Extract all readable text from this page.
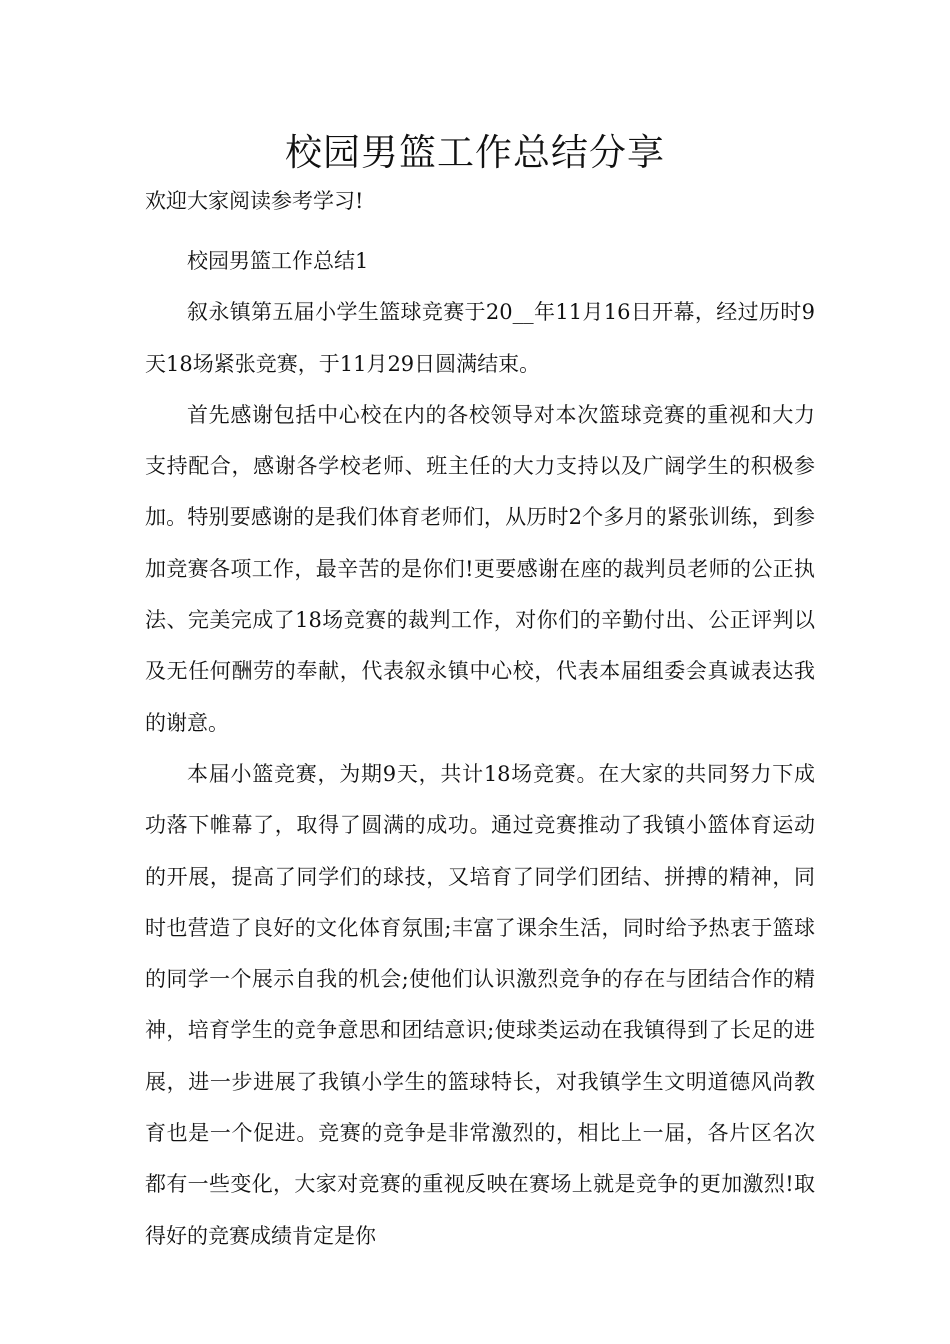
校园男篮工作总结分享

欢迎大家阅读参考学习!

校园男篮工作总结1

叙永镇第五届小学生篮球竞赛于20__年11月16日开幕，经过历时9天18场紧张竞赛，于11月29日圆满结束。

首先感谢包括中心校在内的各校领导对本次篮球竞赛的重视和大力支持配合，感谢各学校老师、班主任的大力支持以及广阔学生的积极参加。特别要感谢的是我们体育老师们，从历时2个多月的紧张训练，到参加竞赛各项工作，最辛苦的是你们!更要感谢在座的裁判员老师的公正执法、完美完成了18场竞赛的裁判工作，对你们的辛勤付出、公正评判以及无任何酬劳的奉献，代表叙永镇中心校，代表本届组委会真诚表达我的谢意。

本届小篮竞赛，为期9天，共计18场竞赛。在大家的共同努力下成功落下帷幕了，取得了圆满的成功。通过竞赛推动了我镇小篮体育运动的开展，提高了同学们的球技，又培育了同学们团结、拼搏的精神，同时也营造了良好的文化体育氛围;丰富了课余生活，同时给予热衷于篮球的同学一个展示自我的机会;使他们认识激烈竞争的存在与团结合作的精神，培育学生的竞争意思和团结意识;使球类运动在我镇得到了长足的进展，进一步进展了我镇小学生的篮球特长，对我镇学生文明道德风尚教育也是一个促进。竞赛的竞争是非常激烈的，相比上一届，各片区名次都有一些变化，大家对竞赛的重视反映在赛场上就是竞争的更加激烈!取得好的竞赛成绩肯定是你
